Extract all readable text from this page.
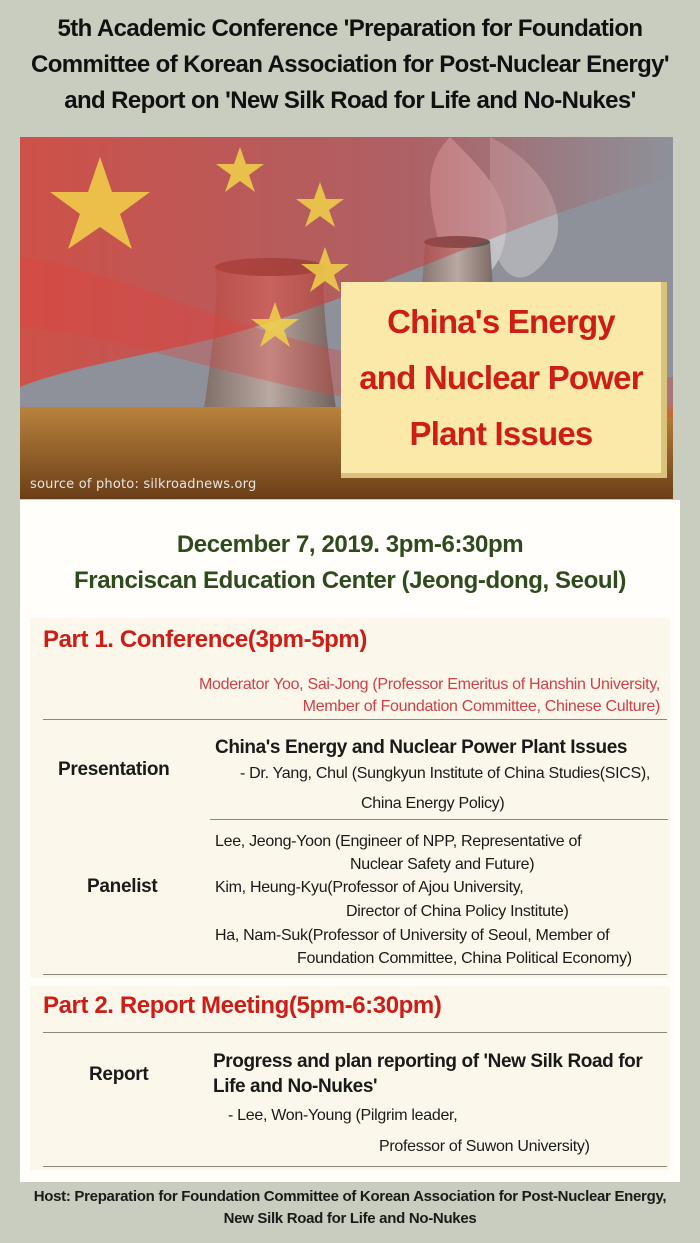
5th Academic Conference 'Preparation for Foundation
Committee of Korean Association for Post-Nuclear Energy'
and Report on 'New Silk Road for Life and No-Nukes'
source of photo: silkroadnews.org
China's Energy
and Nuclear Power
Plant Issues
December 7, 2019. 3pm-6:30pm
Franciscan Education Center (Jeong-dong, Seoul)
Part 1. Conference(3pm-5pm)
Moderator Yoo, Sai-Jong (Professor Emeritus of Hanshin University,
Member of Foundation Committee, Chinese Culture)
Presentation
China's Energy and Nuclear Power Plant Issues
- Dr. Yang, Chul (Sungkyun Institute of China Studies(SICS),
China Energy Policy)
Panelist
Lee, Jeong-Yoon (Engineer of NPP, Representative of
Nuclear Safety and Future)
Kim, Heung-Kyu(Professor of Ajou University,
Director of China Policy Institute)
Ha, Nam-Suk(Professor of University of Seoul, Member of
Foundation Committee, China Political Economy)
Part 2. Report Meeting(5pm-6:30pm)
Report
Progress and plan reporting of 'New Silk Road for
Life and No-Nukes'
- Lee, Won-Young (Pilgrim leader,
Professor of Suwon University)
Host: Preparation for Foundation Committee of Korean Association for Post-Nuclear Energy,
New Silk Road for Life and No-Nukes
